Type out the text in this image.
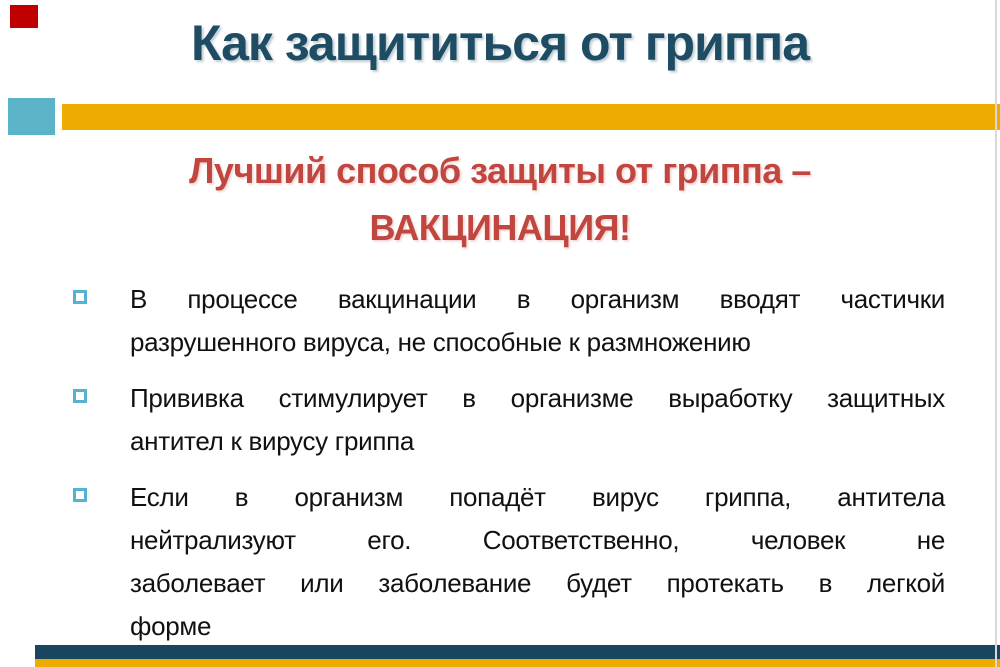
Как защититься от гриппа
Лучший способ защиты от гриппа –
ВАКЦИНАЦИЯ!
В процессе вакцинации в организм вводят частички
разрушенного вируса, не способные к размножению
Прививка стимулирует в организме выработку защитных
антител к вирусу гриппа
Если в организм попадёт вирус гриппа, антитела
нейтрализуют его. Соответственно, человек не
заболевает или заболевание будет протекать в легкой
форме
